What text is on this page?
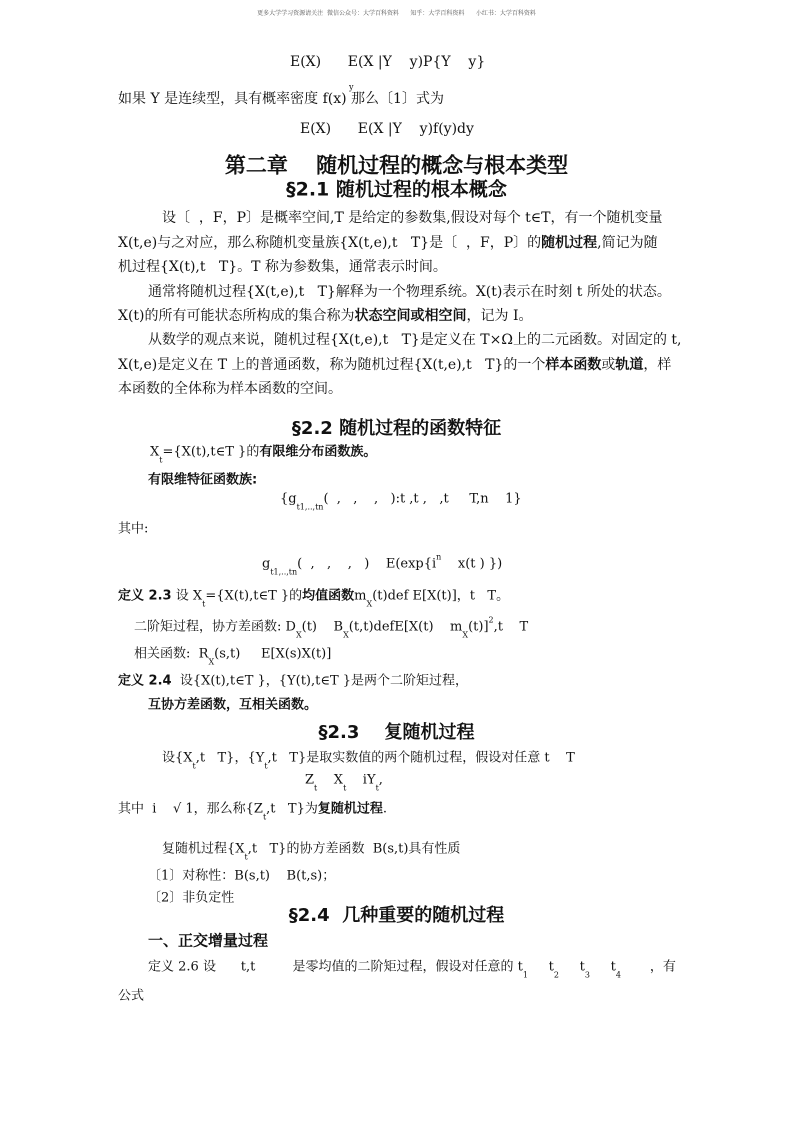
更多大学学习资源请关注  微信公众号：大学百科资料      知乎：大学百科资料      小红书：大学百科资料
E(X)      E(X |Y    y)P{Y    y}
y
如果 Y 是连续型，具有概率密度 f(x) 那么〔1〕式为
E(X)      E(X |Y    y)f(y)dy
第二章　 随机过程的概念与根本类型
§2.1 随机过程的根本概念
设〔  ，F，P〕是概率空间,T 是给定的参数集,假设对每个 t∈T，有一个随机变量
X(t,e)与之对应，那么称随机变量族{X(t,e),t   T}是〔  ，F，P〕的随机过程,简记为随
机过程{X(t),t   T}。T 称为参数集，通常表示时间。
通常将随机过程{X(t,e),t   T}解释为一个物理系统。X(t)表示在时刻 t 所处的状态。
X(t)的所有可能状态所构成的集合称为状态空间或相空间，记为 I。
从数学的观点来说，随机过程{X(t,e),t   T}是定义在 T×Ω上的二元函数。对固定的 t,
X(t,e)是定义在 T 上的普通函数，称为随机过程{X(t,e),t   T}的一个样本函数或轨道，样
本函数的全体称为样本函数的空间。
§2.2 随机过程的函数特征
$X_t=\{X(t),t\in T$ }的有限维分布函数族。
有限维特征函数族:
{$g_{t1,..,tn}$(  ,   ,    ,   ):t ,t ,   ,t     T,n    1}
其中:
$g_{t1,..,tn}$(  ,   ,    ,   )    $E(\exp\{i^n$    x(t ) })
定义 2.3 设 $X_t=\{X(t),t\in T$ }的均值函数$m_X(t)def$ E[X(t)]，t   T。
二阶矩过程，协方差函数: $D_X(t)$    $B_X(t,t)defE[X(t)$    $m_X(t)]^2,t$    T
相关函数:  $R_X(s,t)$     E[X(s)X(t)]
定义 2.4  设{X(t),t∈T }，{Y(t),t∈T }是两个二阶矩过程，
互协方差函数，互相关函数。
§2.3    复随机过程
设{$X_t,t$   T}，{$Y_t,t$   T}是取实数值的两个随机过程，假设对任意 t    T
$Z_t$    $X_t$    $iY_t$,
其中  i    √ 1，那么称{$Z_t,t$   T}为复随机过程.
复随机过程{$X_t,t$   T}的协方差函数  B(s,t)具有性质
〔1〕对称性：B(s,t)    B(t,s)；
〔2〕非负定性
§2.4  几种重要的随机过程
一、正交增量过程
定义 2.6 设      t,t         是零均值的二阶矩过程，假设对任意的 $t_1$     $t_2$     $t_3$     $t_4$       ，有
公式
